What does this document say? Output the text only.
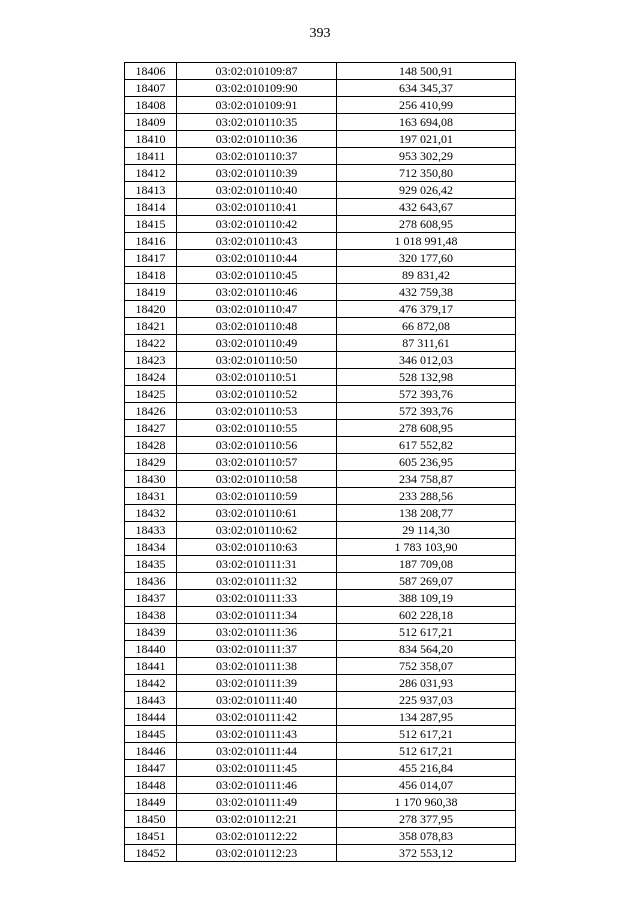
393
18406	03:02:010109:87	148 500,91
18407	03:02:010109:90	634 345,37
18408	03:02:010109:91	256 410,99
18409	03:02:010110:35	163 694,08
18410	03:02:010110:36	197 021,01
18411	03:02:010110:37	953 302,29
18412	03:02:010110:39	712 350,80
18413	03:02:010110:40	929 026,42
18414	03:02:010110:41	432 643,67
18415	03:02:010110:42	278 608,95
18416	03:02:010110:43	1 018 991,48
18417	03:02:010110:44	320 177,60
18418	03:02:010110:45	89 831,42
18419	03:02:010110:46	432 759,38
18420	03:02:010110:47	476 379,17
18421	03:02:010110:48	66 872,08
18422	03:02:010110:49	87 311,61
18423	03:02:010110:50	346 012,03
18424	03:02:010110:51	528 132,98
18425	03:02:010110:52	572 393,76
18426	03:02:010110:53	572 393,76
18427	03:02:010110:55	278 608,95
18428	03:02:010110:56	617 552,82
18429	03:02:010110:57	605 236,95
18430	03:02:010110:58	234 758,87
18431	03:02:010110:59	233 288,56
18432	03:02:010110:61	138 208,77
18433	03:02:010110:62	29 114,30
18434	03:02:010110:63	1 783 103,90
18435	03:02:010111:31	187 709,08
18436	03:02:010111:32	587 269,07
18437	03:02:010111:33	388 109,19
18438	03:02:010111:34	602 228,18
18439	03:02:010111:36	512 617,21
18440	03:02:010111:37	834 564,20
18441	03:02:010111:38	752 358,07
18442	03:02:010111:39	286 031,93
18443	03:02:010111:40	225 937,03
18444	03:02:010111:42	134 287,95
18445	03:02:010111:43	512 617,21
18446	03:02:010111:44	512 617,21
18447	03:02:010111:45	455 216,84
18448	03:02:010111:46	456 014,07
18449	03:02:010111:49	1 170 960,38
18450	03:02:010112:21	278 377,95
18451	03:02:010112:22	358 078,83
18452	03:02:010112:23	372 553,12
